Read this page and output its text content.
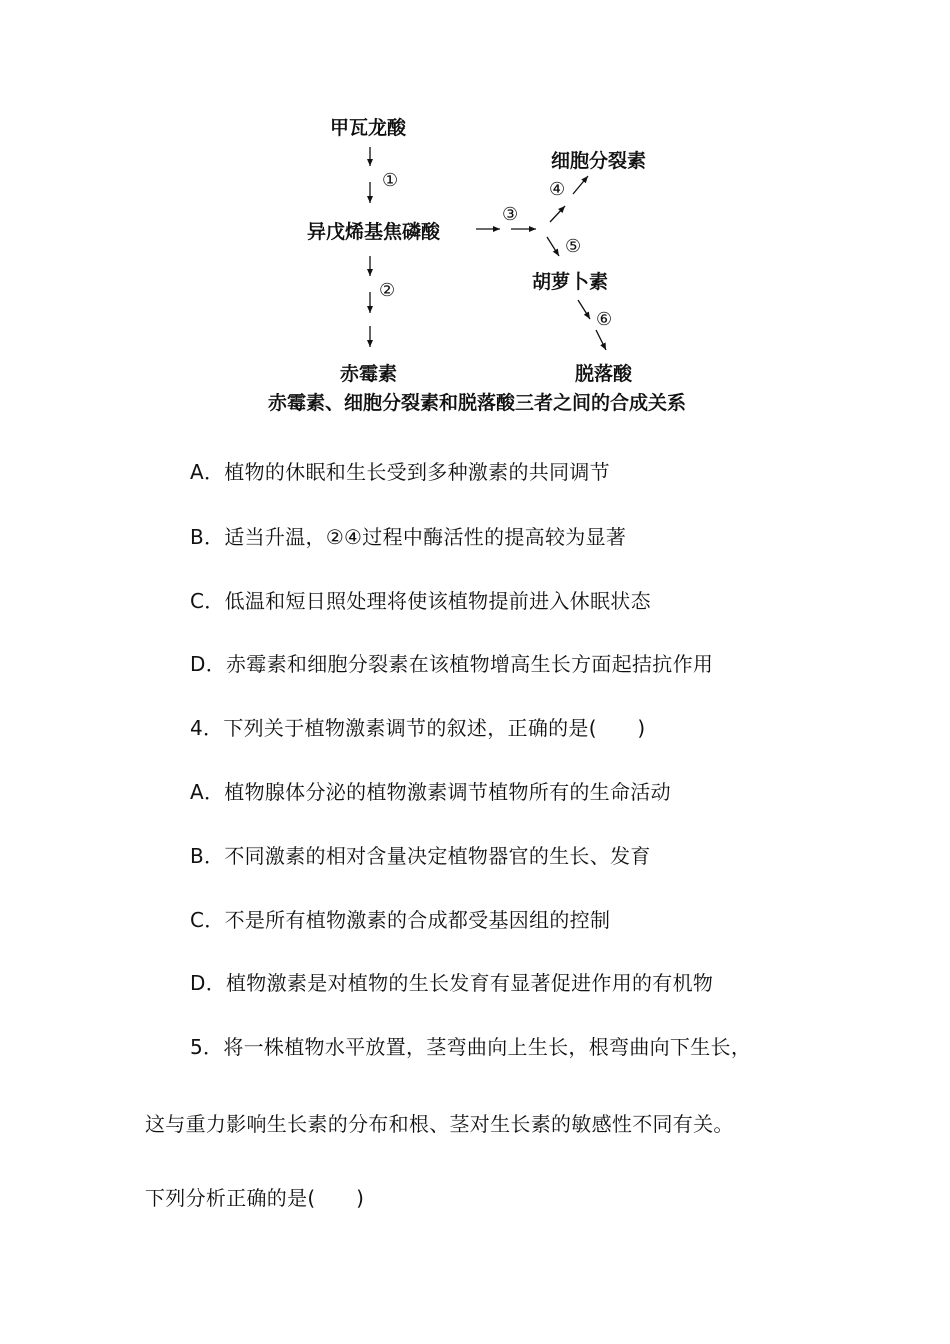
甲瓦龙酸
异戊烯基焦磷酸
细胞分裂素
胡萝卜素
赤霉素	脱落酸
①
②
③
④
⑤
⑥
赤霉素、细胞分裂素和脱落酸三者之间的合成关系
A．植物的休眠和生长受到多种激素的共同调节
B．适当升温，②④过程中酶活性的提高较为显著
C．低温和短日照处理将使该植物提前进入休眠状态
D．赤霉素和细胞分裂素在该植物增高生长方面起拮抗作用
4．下列关于植物激素调节的叙述，正确的是(　　)
A．植物腺体分泌的植物激素调节植物所有的生命活动
B．不同激素的相对含量决定植物器官的生长、发育
C．不是所有植物激素的合成都受基因组的控制
D．植物激素是对植物的生长发育有显著促进作用的有机物
5．将一株植物水平放置，茎弯曲向上生长，根弯曲向下生长，
这与重力影响生长素的分布和根、茎对生长素的敏感性不同有关。
下列分析正确的是(　　)
